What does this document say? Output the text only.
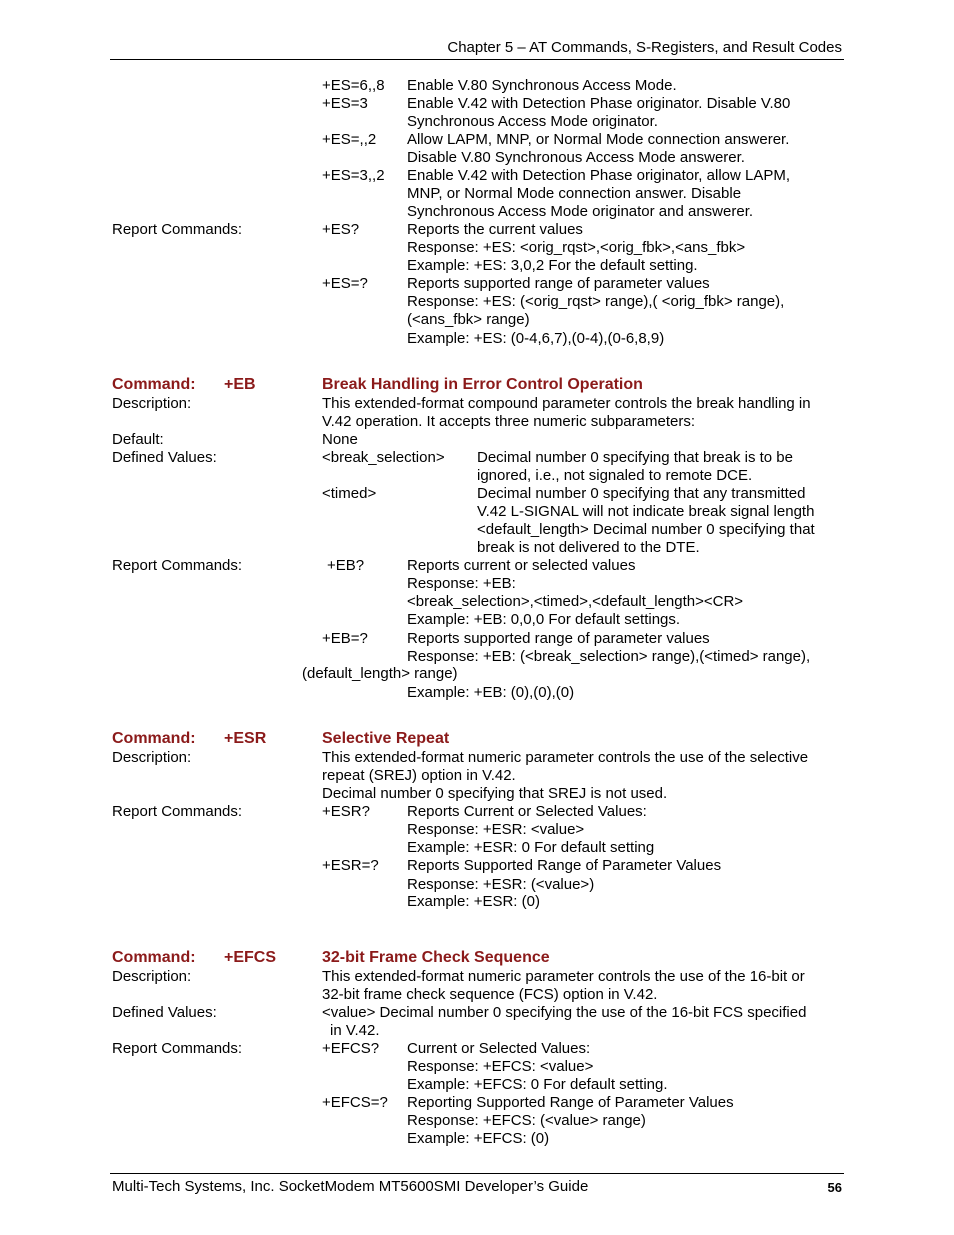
Chapter 5 – AT Commands, S-Registers, and Result Codes
+ES=6,,8 Enable V.80 Synchronous Access Mode.
+ES=3	Enable V.42 with Detection Phase originator. Disable V.80
Synchronous Access Mode originator.
+ES=,,2 Allow LAPM, MNP, or Normal Mode connection answerer.
Disable V.80 Synchronous Access Mode answerer.
+ES=3,,2 Enable V.42 with Detection Phase originator, allow LAPM,
MNP, or Normal Mode connection answer. Disable
Synchronous Access Mode originator and answerer.
Report Commands:	+ES?	Reports the current values
Response: +ES: <orig_rqst>,<orig_fbk>,<ans_fbk>
Example: +ES: 3,0,2 For the default setting.
+ES=?	Reports supported range of parameter values
Response: +ES: (<orig_rqst> range),( <orig_fbk> range),
(<ans_fbk> range)
Example: +ES: (0-4,6,7),(0-4),(0-6,8,9)
Command: +EB	Break Handling in Error Control Operation
Description:	This extended-format compound parameter controls the break handling in
V.42 operation. It accepts three numeric subparameters:
Default:	None
Defined Values:	<break_selection> Decimal number 0 specifying that break is to be
ignored, i.e., not signaled to remote DCE.
<timed>	Decimal number 0 specifying that any transmitted
V.42 L-SIGNAL will not indicate break signal length
<default_length> Decimal number 0 specifying that
break is not delivered to the DTE.
Report Commands:	+EB?	Reports current or selected values
Response: +EB:
<break_selection>,<timed>,<default_length><CR>
Example: +EB: 0,0,0 For default settings.
+EB=?	Reports supported range of parameter values
Response: +EB: (<break_selection> range),(<timed> range),
(default_length> range)
Example: +EB: (0),(0),(0)
Command: +ESR	Selective Repeat
Description:	This extended-format numeric parameter controls the use of the selective
repeat (SREJ) option in V.42.
Decimal number 0 specifying that SREJ is not used.
Report Commands:	+ESR? Reports Current or Selected Values:
Response: +ESR: <value>
Example: +ESR: 0 For default setting
+ESR=? Reports Supported Range of Parameter Values
Response: +ESR: (<value>)
Example: +ESR: (0)
Command: +EFCS	32-bit Frame Check Sequence
Description:	This extended-format numeric parameter controls the use of the 16-bit or
32-bit frame check sequence (FCS) option in V.42.
Defined Values:	<value> Decimal number 0 specifying the use of the 16-bit FCS specified
in V.42.
Report Commands:	+EFCS? Current or Selected Values:
Response: +EFCS: <value>
Example: +EFCS: 0 For default setting.
+EFCS=? Reporting Supported Range of Parameter Values
Response: +EFCS: (<value> range)
Example: +EFCS: (0)
Multi-Tech Systems, Inc. SocketModem MT5600SMI Developer’s Guide	56
